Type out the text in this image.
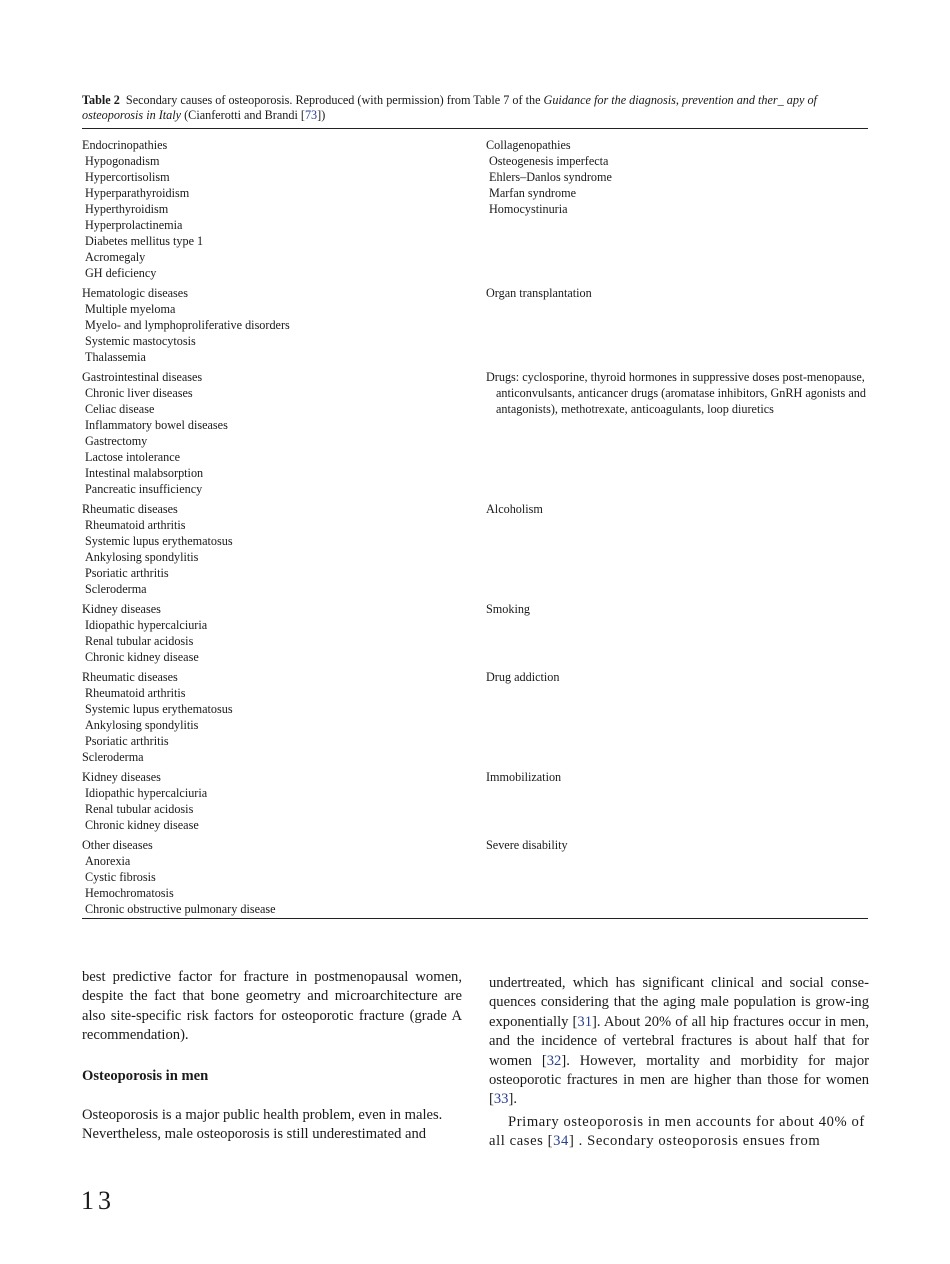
Table 2 Secondary causes of osteoporosis. Reproduced (with permission) from Table 7 of the Guidance for the diagnosis, prevention and ther_ apy of osteoporosis in Italy (Cianferotti and Brandi [73])
Endocrinopathies
Hypogonadism
Hypercortisolism
Hyperparathyroidism
Hyperthyroidism
Hyperprolactinemia
Diabetes mellitus type 1
Acromegaly
GH deficiency
Collagenopathies
Osteogenesis imperfecta
Ehlers–Danlos syndrome
Marfan syndrome
Homocystinuria
Hematologic diseases
Multiple myeloma
Myelo- and lymphoproliferative disorders
Systemic mastocytosis
Thalassemia
Organ transplantation
Gastrointestinal diseases
Chronic liver diseases
Celiac disease
Inflammatory bowel diseases
Gastrectomy
Lactose intolerance
Intestinal malabsorption
Pancreatic insufficiency
Drugs: cyclosporine, thyroid hormones in suppressive doses post-menopause, anticonvulsants, anticancer drugs (aromatase inhibitors, GnRH agonists and antagonists), methotrexate, anticoagulants, loop diuretics
Rheumatic diseases
Rheumatoid arthritis
Systemic lupus erythematosus
Ankylosing spondylitis
Psoriatic arthritis
Scleroderma
Alcoholism
Kidney diseases
Idiopathic hypercalciuria
Renal tubular acidosis
Chronic kidney disease
Smoking
Rheumatic diseases
Rheumatoid arthritis
Systemic lupus erythematosus
Ankylosing spondylitis
Psoriatic arthritis
Scleroderma
Drug addiction
Kidney diseases
Idiopathic hypercalciuria
Renal tubular acidosis
Chronic kidney disease
Immobilization
Other diseases
Anorexia
Cystic fibrosis
Hemochromatosis
Chronic obstructive pulmonary disease
Severe disability

best predictive factor for fracture in postmenopausal women, despite the fact that bone geometry and microarchitecture are also site-specific risk factors for osteoporotic fracture (grade A recommendation).

Osteoporosis in men

Osteoporosis is a major public health problem, even in males. Nevertheless, male osteoporosis is still underestimated and

undertreated, which has significant clinical and social conse-quences considering that the aging male population is grow-ing exponentially [31]. About 20% of all hip fractures occur in men, and the incidence of vertebral fractures is about half that for women [32]. However, mortality and morbidity for major osteoporotic fractures in men are higher than those for women [33].

Primary osteoporosis in men accounts for about 40% of all cases [34] . Secondary osteoporosis ensues from

13
